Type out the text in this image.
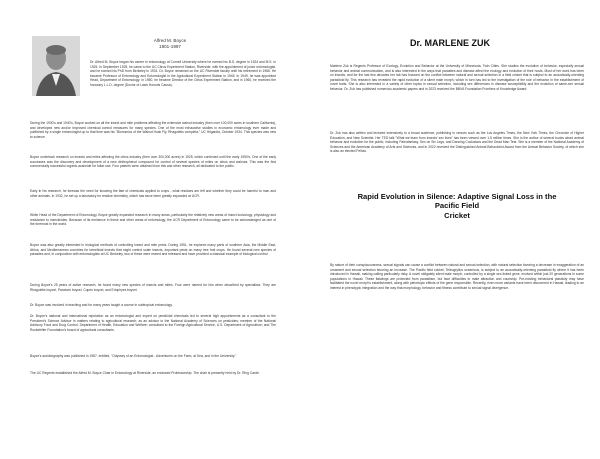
Alfred M. Boyce
1901-1997

Dr. Alfred M. Boyce began his career in entomology at Cornell University where he earned his B.S. degree in 1924 and M.S. in 1925. In September 1925, he came to the UC Citrus Experiment Station, Riverside, with the appointment of junior entomologist, and he earned his PhD from Berkeley in 1931. Dr. Boyce remained on the UC Riverside faculty until his retirement in 1968. He became Professor of Entomology and Entomologist in the Agricultural Experiment Station in 1945. In 1949, he was appointed Head, Department of Entomology; in 1950, he became Director of the Citrus Experiment Station, and in 1960, he received the honorary L.L.D. degree (Doctor of Laws Honoris Causa).

During the 1930's and 1940's, Boyce worked on all the insect and mite problems affecting the extensive walnut industry (then over 100,000 acres in southern California), and developed new and/or improved chemical control measures for many species. One of the most exhaustive studies in economic entomology ever made and published by a single entomologist up to that time was his "Bionomics of the Walnut Husk Fly, Rhagoletis completa," UC Hilgardia, October 1934. This species was new to science.

Boyce undertook research on insects and mites affecting the citrus industry (then over 300,000 acres) in 1925, which continued until the early 1950's. One of the early successes was the discovery and development of a new dinitrophenol compound for control of several species of mites on citrus and walnuts. This was the first commercially successful organic acaricide for foliar use. Four patents were obtained from this and other research, all dedicated to the public.

Early in his research, he foresaw the need for knowing the fate of chemicals applied to crops - what residues are left and whether they could be harmful to man and other animals. In 1932, he set up a laboratory for residue chemistry, which has since been greatly expanded at UCR.

While Head of the Department of Entomology, Boyce greatly expanded research in many areas, particularly the relatively new areas of insect toxicology, physiology and resistance to insecticides. Because of its eminence in these and other areas of entomology, the UCR Department of Entomology came to be acknowledged as one of the foremost in the world.

Boyce was also greatly interested in biological methods of controlling insect and mite pests. During 1951, he explored many parts of southern Asia, the Middle East, Africa, and Mediterranean countries for beneficial insects that might control scale insects, important pests on many tree fruit crops. He found several new species of parasites and, in conjunction with entomologists at UC Berkeley, two of these were reared and released and have provided a classical example of biological control.

During Boyce's 25 years of active research, he found many new species of insects and mites. Four were named for him when described by specialists. They are Rhagoletis boycei, Paratorix boycei, Cupes boycei, and Eriophyes boycei.

Dr. Boyce was involved in teaching and for many years taught a course in subtropical entomology.

Dr. Boyce's national and international reputation as an entomologist and expert on pesticidal chemicals led to several high appointments as a consultant to the President's Science Advisor in matters relating to agricultural research; as an advisor to the National Academy of Sciences on pesticides; member of the National Advisory Food and Drug Control, Department of Health, Education and Welfare; consultant to the Foreign Agricultural Service, U.S. Department of Agriculture; and The Rockefeller Foundation's board of agricultural consultants.

Boyce's autobiography was published in 1987, entitled, "Odyssey of an Entomologist - Adventures on the Farm, at Sea, and in the University."

The UC Regents established the Alfred M. Boyce Chair in Entomology at Riverside, an endowed Professorship. The chair is presently held by Dr. Ring Cardé.

Dr. MARLENE ZUK

Marlene Zuk is Regents Professor of Ecology, Evolution and Behavior at the University of Minnesota, Twin Cities. She studies the evolution of behavior, especially sexual behavior and animal communication, and is also interested in the ways that parasites and disease affect the ecology and evolution of their hosts. Most of her work has been on insects, and for the last few decades her lab has focused on the conflict between natural and sexual selection in a field cricket that is subject to an acoustically-orienting parasitoid fly. This research has revealed the rapid evolution of a silent male morph, which in turn has led to the investigation of the role of behavior in the establishment of novel traits. She is also interested in a variety of other topics in sexual selection, including sex differences in disease susceptibility and the evolution of same-sex sexual behavior. Dr. Zuk has published numerous academic papers and in 2023 received the BBVA Foundation Frontiers of Knowledge Award.

Dr. Zuk has also written and lectured extensively to a broad audience, publishing in venues such as the Los Angeles Times, the New York Times, the Chronicle of Higher Education, and New Scientist. Her TED talk "What we learn from insects' sex lives" has been viewed over 1.5 million times. She is the author of several books about animal behavior and evolution for the public, including Paleofantasy, Sex on Six Legs, and Dancing Cockatoos and the Dead Man Test. She is a member of the National Academy of Sciences and the American Academy of Arts and Sciences, and in 2022 received the Distinguished Animal Behaviorist Award from the Animal Behavior Society, of which she is also an elected Fellow.

Rapid Evolution in Silence: Adaptive Signal Loss in the
Pacific Field
Cricket

By nature of their conspicuousness, sexual signals can cause a conflict between natural and sexual selection, with natural selection favoring a decrease in exaggeration of an ornament and sexual selection favoring an increase. The Pacific field cricket, Teleogryllus oceanicus, is subject to an acoustically-orienting parasitoid fly where it has been introduced in Hawaii, making calling particularly risky. A novel obligately silent male morph, controlled by a single sex-linked gene, evolved within just 20 generations in some populations in Hawaii. These flatwings are protected from parasitism, but face difficulties in mate attraction and courtship. Pre-existing behavioral plasticity may have facilitated the novel morph's establishment, along with pleiotropic effects of the gene responsible. Recently, even more variants have been discovered in Hawaii, leading to an interest in phenotypic integration and the way that morphology, behavior and fitness contribute to sexual signal divergence.
